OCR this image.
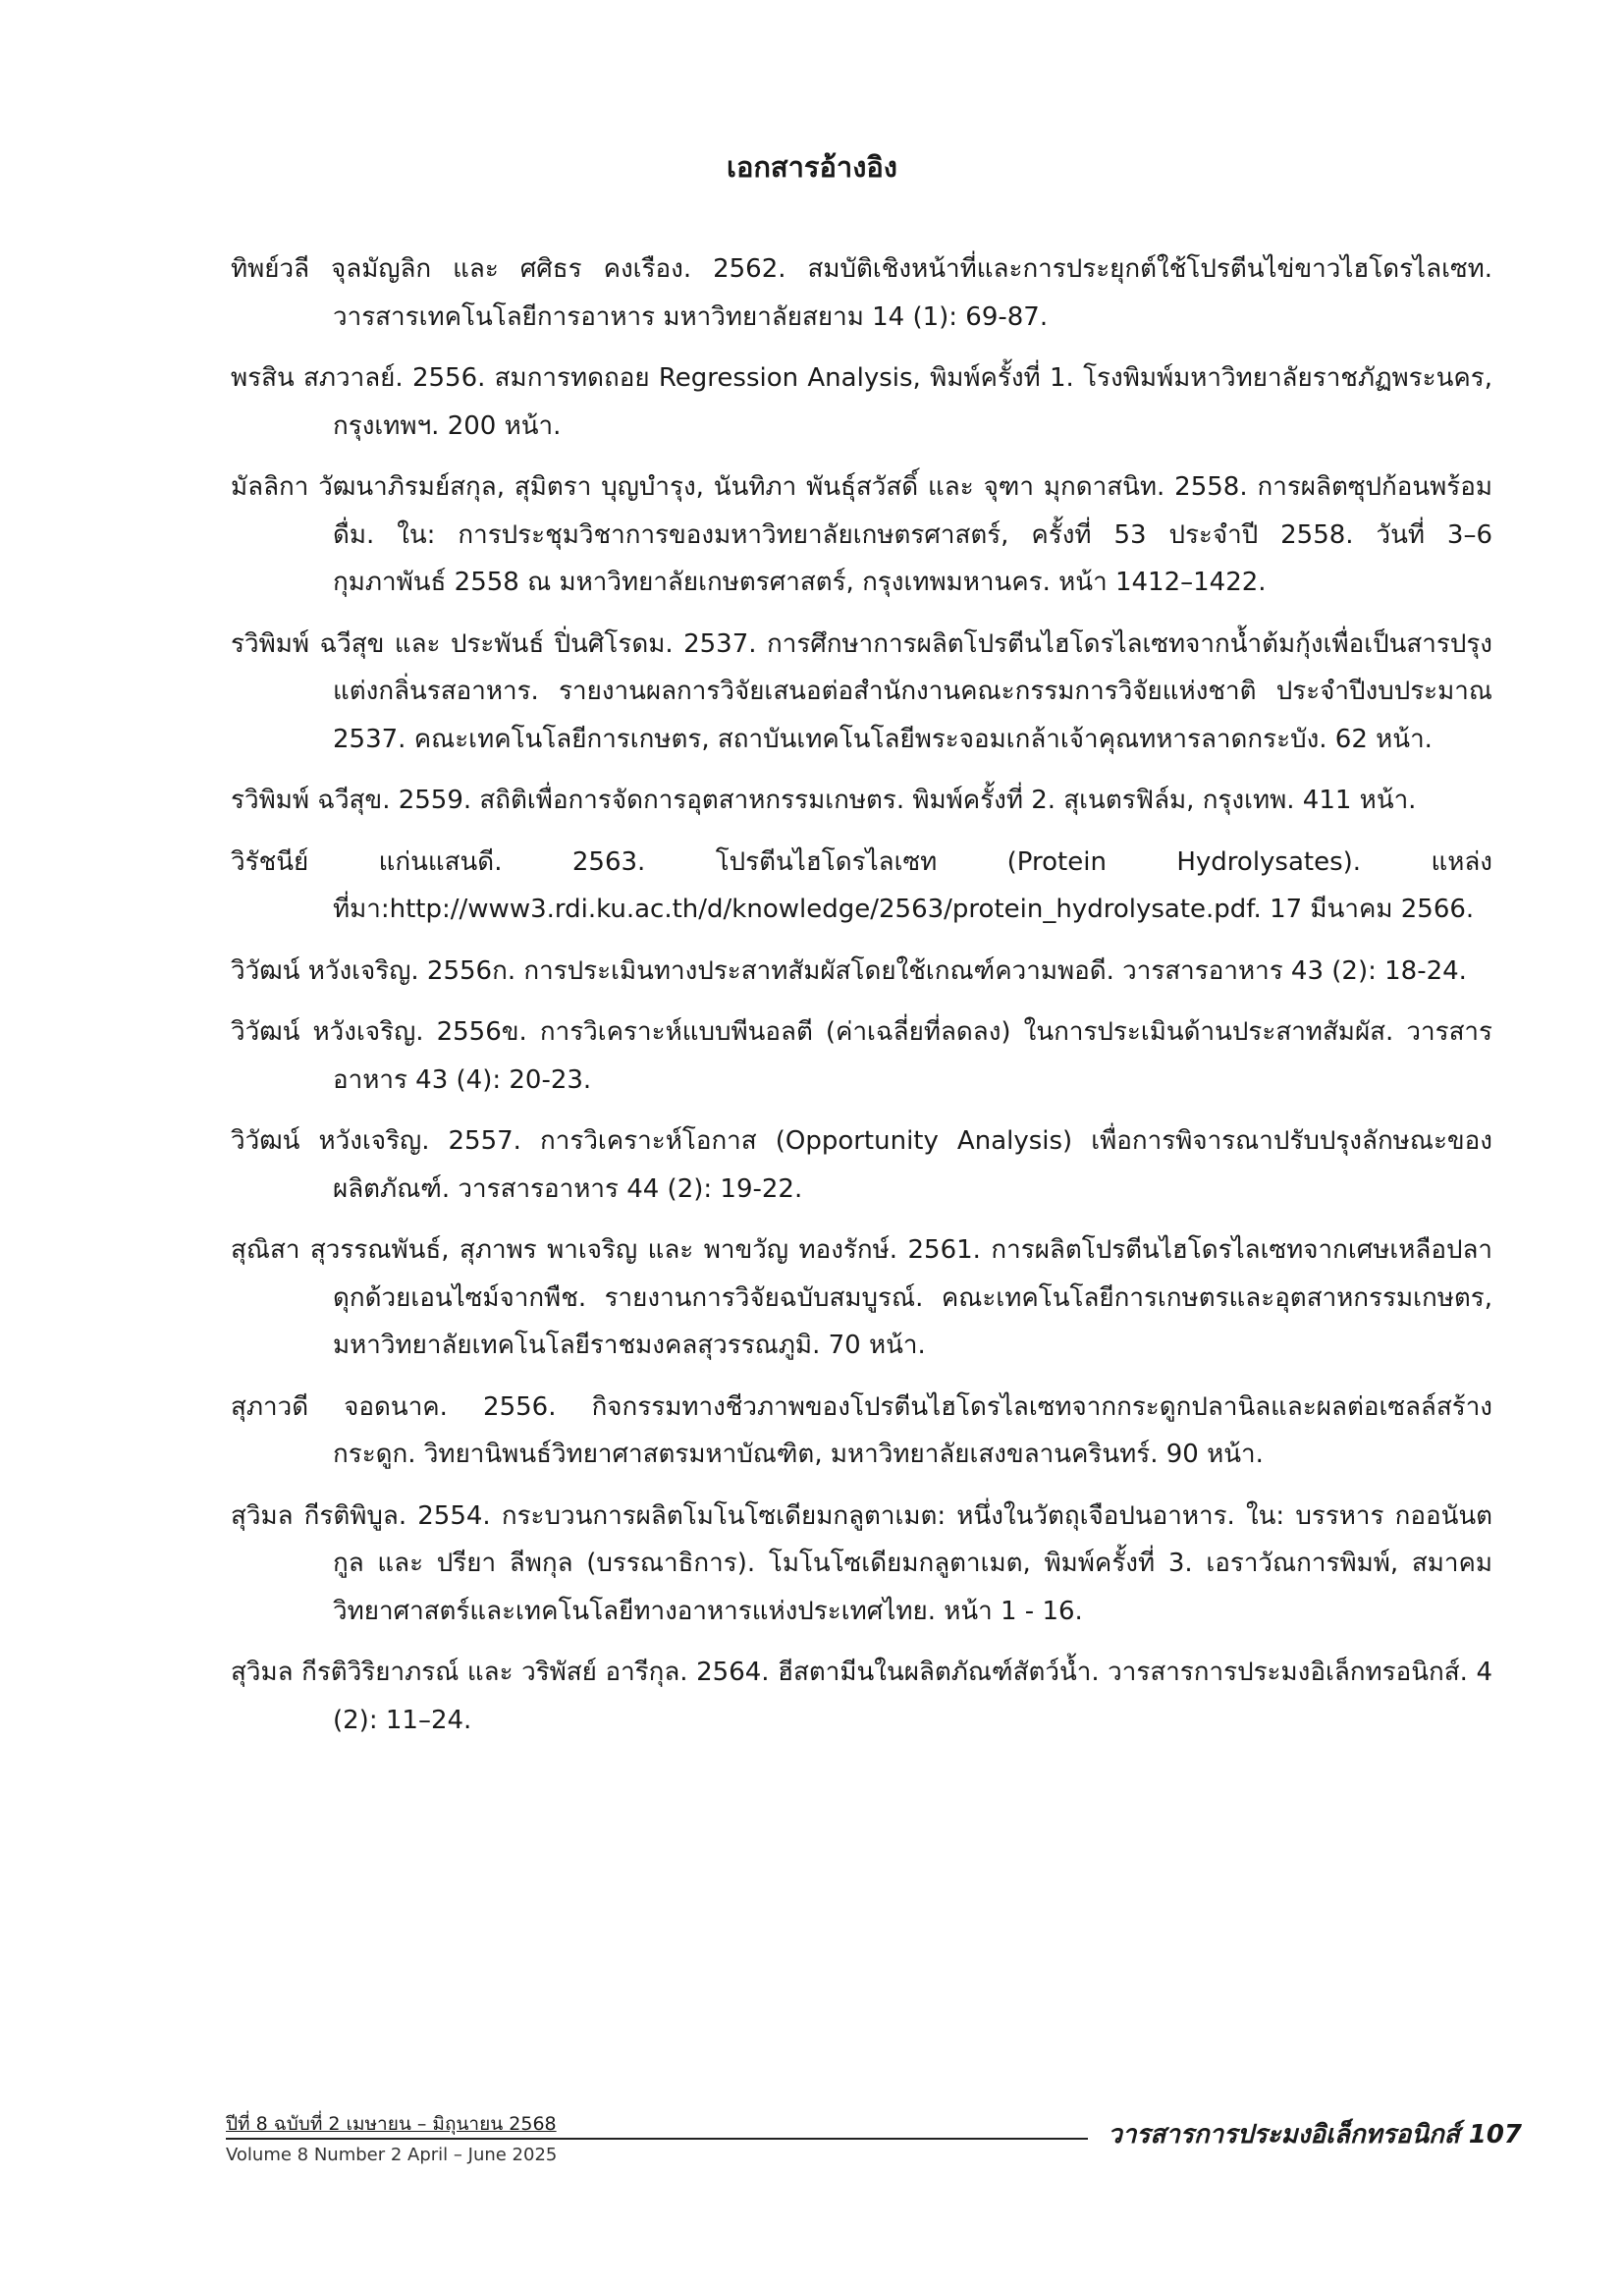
เอกสารอ้างอิง

ทิพย์วลี จุลมัญลิก และ ศศิธร คงเรือง. 2562. สมบัติเชิงหน้าที่และการประยุกต์ใช้โปรตีนไข่ขาวไฮโดรไลเซท. วารสารเทคโนโลยีการอาหาร มหาวิทยาลัยสยาม 14 (1): 69-87.

พรสิน สภวาลย์. 2556. สมการทดถอย Regression Analysis, พิมพ์ครั้งที่ 1. โรงพิมพ์มหาวิทยาลัยราชภัฏพระนคร, กรุงเทพฯ. 200 หน้า.

มัลลิกา วัฒนาภิรมย์สกุล, สุมิตรา บุญบำรุง, นันทิภา พันธุ์สวัสดิ์ และ จุฑา มุกดาสนิท. 2558. การผลิตซุปก้อนพร้อมดื่ม. ใน: การประชุมวิชาการของมหาวิทยาลัยเกษตรศาสตร์, ครั้งที่ 53 ประจำปี 2558. วันที่ 3–6 กุมภาพันธ์ 2558 ณ มหาวิทยาลัยเกษตรศาสตร์, กรุงเทพมหานคร. หน้า 1412–1422.

รวิพิมพ์ ฉวีสุข และ ประพันธ์ ปิ่นศิโรดม. 2537. การศึกษาการผลิตโปรตีนไฮโดรไลเซทจากน้ำต้มกุ้งเพื่อเป็นสารปรุงแต่งกลิ่นรสอาหาร. รายงานผลการวิจัยเสนอต่อสำนักงานคณะกรรมการวิจัยแห่งชาติ ประจำปีงบประมาณ 2537. คณะเทคโนโลยีการเกษตร, สถาบันเทคโนโลยีพระจอมเกล้าเจ้าคุณทหารลาดกระบัง. 62 หน้า.

รวิพิมพ์ ฉวีสุข. 2559. สถิติเพื่อการจัดการอุตสาหกรรมเกษตร. พิมพ์ครั้งที่ 2. สุเนตรฟิล์ม, กรุงเทพ. 411 หน้า.

วิรัชนีย์ แก่นแสนดี. 2563. โปรตีนไฮโดรไลเซท (Protein Hydrolysates). แหล่งที่มา:http://www3.rdi.ku.ac.th/d/knowledge/2563/protein_hydrolysate.pdf. 17 มีนาคม 2566.

วิวัฒน์ หวังเจริญ. 2556ก. การประเมินทางประสาทสัมผัสโดยใช้เกณฑ์ความพอดี. วารสารอาหาร 43 (2): 18-24.

วิวัฒน์ หวังเจริญ. 2556ข. การวิเคราะห์แบบพีนอลตี (ค่าเฉลี่ยที่ลดลง) ในการประเมินด้านประสาทสัมผัส. วารสารอาหาร 43 (4): 20-23.

วิวัฒน์ หวังเจริญ. 2557. การวิเคราะห์โอกาส (Opportunity Analysis) เพื่อการพิจารณาปรับปรุงลักษณะของผลิตภัณฑ์. วารสารอาหาร 44 (2): 19-22.

สุณิสา สุวรรณพันธ์, สุภาพร พาเจริญ และ พาขวัญ ทองรักษ์. 2561. การผลิตโปรตีนไฮโดรไลเซทจากเศษเหลือปลาดุกด้วยเอนไซม์จากพืช. รายงานการวิจัยฉบับสมบูรณ์. คณะเทคโนโลยีการเกษตรและอุตสาหกรรมเกษตร, มหาวิทยาลัยเทคโนโลยีราชมงคลสุวรรณภูมิ. 70 หน้า.

สุภาวดี จอดนาค. 2556. กิจกรรมทางชีวภาพของโปรตีนไฮโดรไลเซทจากกระดูกปลานิลและผลต่อเซลล์สร้างกระดูก. วิทยานิพนธ์วิทยาศาสตรมหาบัณฑิต, มหาวิทยาลัยเสงขลานครินทร์. 90 หน้า.

สุวิมล กีรติพิบูล. 2554. กระบวนการผลิตโมโนโซเดียมกลูตาเมต: หนึ่งในวัตถุเจือปนอาหาร. ใน: บรรหาร กออนันตกูล และ ปรียา ลีพกุล (บรรณาธิการ). โมโนโซเดียมกลูตาเมต, พิมพ์ครั้งที่ 3. เอราวัณการพิมพ์, สมาคมวิทยาศาสตร์และเทคโนโลยีทางอาหารแห่งประเทศไทย. หน้า 1 - 16.

สุวิมล กีรติวิริยาภรณ์ และ วริพัสย์ อารีกุล. 2564. ฮีสตามีนในผลิตภัณฑ์สัตว์น้ำ. วารสารการประมงอิเล็กทรอนิกส์. 4 (2): 11–24.

ปีที่ 8 ฉบับที่ 2 เมษายน – มิถุนายน 2568
Volume 8 Number 2 April – June 2025
วารสารการประมงอิเล็กทรอนิกส์ 107
